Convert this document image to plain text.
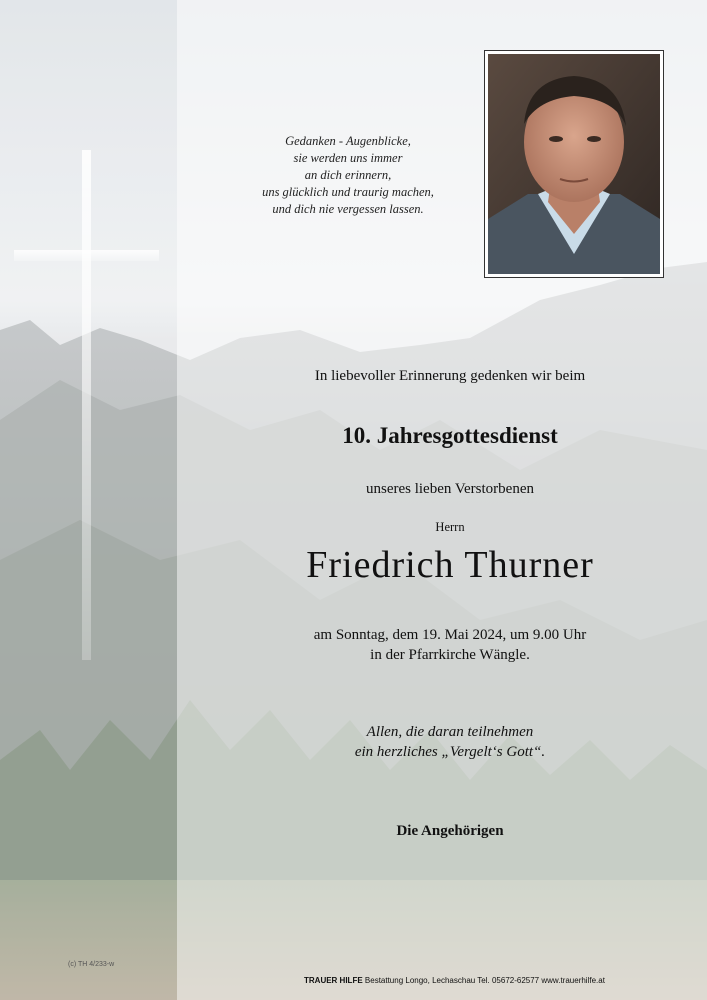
Gedanken - Augenblicke,
sie werden uns immer
an dich erinnern,
uns glücklich und traurig machen,
und dich nie vergessen lassen.
In liebevoller Erinnerung gedenken wir beim
10. Jahresgottesdienst
unseres lieben Verstorbenen
Herrn
Friedrich Thurner
am Sonntag, dem 19. Mai 2024, um 9.00 Uhr
in der Pfarrkirche Wängle.
Allen, die daran teilnehmen
ein herzliches „Vergelt‘s Gott“.
Die Angehörigen
(c) TH 4/233-w
TRAUER HILFE Bestattung Longo, Lechaschau Tel. 05672-62577 www.trauerhilfe.at
